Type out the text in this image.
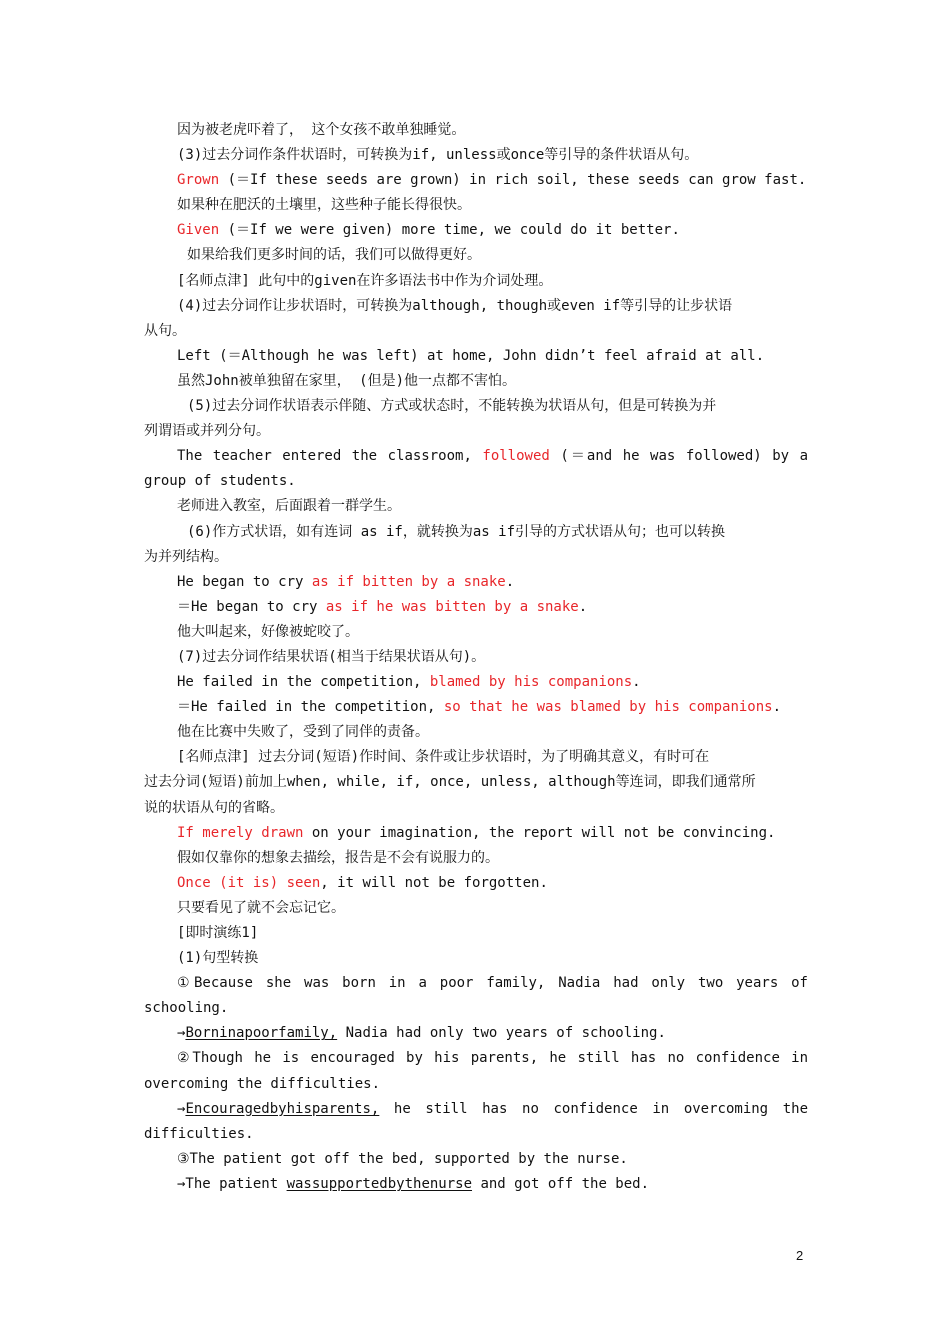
因为被老虎吓着了， 这个女孩不敢单独睡觉。
(3)过去分词作条件状语时，可转换为if, unless或once等引导的条件状语从句。
Grown (＝If these seeds are grown) in rich soil, these seeds can grow fast.
如果种在肥沃的土壤里，这些种子能长得很快。
Given (＝If we were given) more time, we could do it better.
如果给我们更多时间的话，我们可以做得更好。
[名师点津] 此句中的given在许多语法书中作为介词处理。
(4)过去分词作让步状语时，可转换为although, though或even if等引导的让步状语
从句。
Left (＝Although he was left) at home, John didn’t feel afraid at all.
虽然John被单独留在家里， (但是)他一点都不害怕。
(5)过去分词作状语表示伴随、方式或状态时，不能转换为状语从句，但是可转换为并
列谓语或并列分句。
The teacher entered the classroom, followed (＝and he was followed) by a
group of students.
老师进入教室，后面跟着一群学生。
(6)作方式状语，如有连词 as if，就转换为as if引导的方式状语从句；也可以转换
为并列结构。
He began to cry as if bitten by a snake.
＝He began to cry as if he was bitten by a snake.
他大叫起来，好像被蛇咬了。
(7)过去分词作结果状语(相当于结果状语从句)。
He failed in the competition, blamed by his companions.
＝He failed in the competition, so that he was blamed by his companions.
他在比赛中失败了，受到了同伴的责备。
[名师点津] 过去分词(短语)作时间、条件或让步状语时，为了明确其意义，有时可在
过去分词(短语)前加上when, while, if, once, unless, although等连词，即我们通常所
说的状语从句的省略。
If merely drawn on your imagination, the report will not be convincing.
假如仅靠你的想象去描绘，报告是不会有说服力的。
Once (it is) seen, it will not be forgotten.
只要看见了就不会忘记它。
[即时演练1]
(1)句型转换
①Because she was born in a poor family, Nadia had only two years of
schooling.
→Borninapoorfamily, Nadia had only two years of schooling.
②Though he is encouraged by his parents, he still has no confidence in
overcoming the difficulties.
→Encouragedbyhisparents, he still has no confidence in overcoming the
difficulties.
③The patient got off the bed, supported by the nurse.
→The patient wassupportedbythenurse and got off the bed.
2
